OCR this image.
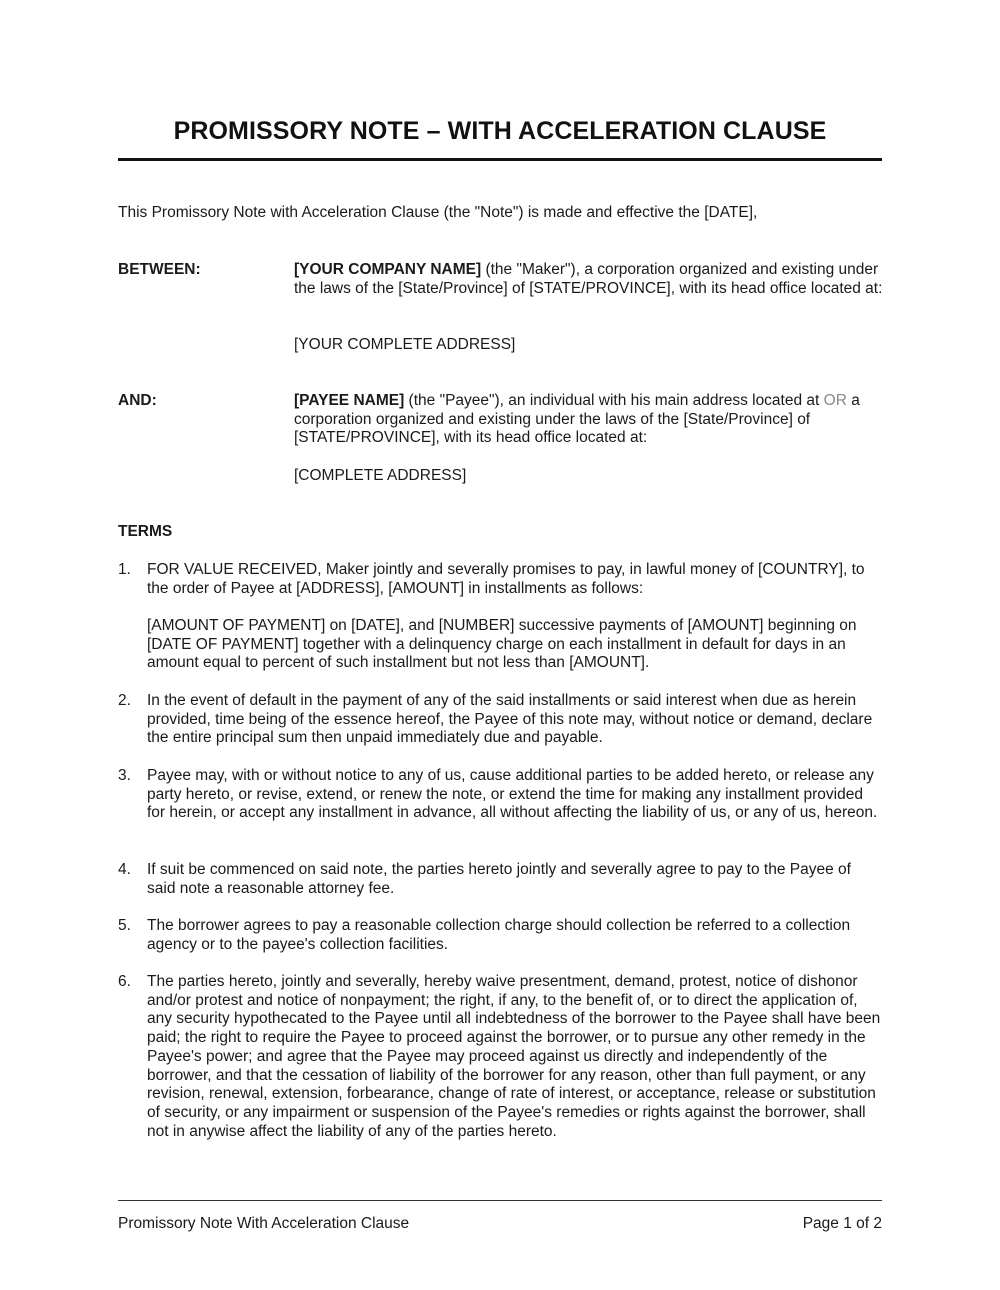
PROMISSORY NOTE – WITH ACCELERATION CLAUSE
This Promissory Note with Acceleration Clause (the "Note") is made and effective the [DATE],
BETWEEN:	[YOUR COMPANY NAME] (the "Maker"), a corporation organized and existing under the laws of the [State/Province] of [STATE/PROVINCE], with its head office located at:
[YOUR COMPLETE ADDRESS]
AND:	[PAYEE NAME] (the "Payee"), an individual with his main address located at OR a corporation organized and existing under the laws of the [State/Province] of [STATE/PROVINCE], with its head office located at:
[COMPLETE ADDRESS]
TERMS
1. FOR VALUE RECEIVED, Maker jointly and severally promises to pay, in lawful money of [COUNTRY], to the order of Payee at [ADDRESS], [AMOUNT] in installments as follows:
[AMOUNT OF PAYMENT] on [DATE], and [NUMBER] successive payments of [AMOUNT] beginning on [DATE OF PAYMENT] together with a delinquency charge on each installment in default for days in an amount equal to percent of such installment but not less than [AMOUNT].
2. In the event of default in the payment of any of the said installments or said interest when due as herein provided, time being of the essence hereof, the Payee of this note may, without notice or demand, declare the entire principal sum then unpaid immediately due and payable.
3. Payee may, with or without notice to any of us, cause additional parties to be added hereto, or release any party hereto, or revise, extend, or renew the note, or extend the time for making any installment provided for herein, or accept any installment in advance, all without affecting the liability of us, or any of us, hereon.
4. If suit be commenced on said note, the parties hereto jointly and severally agree to pay to the Payee of said note a reasonable attorney fee.
5. The borrower agrees to pay a reasonable collection charge should collection be referred to a collection agency or to the payee's collection facilities.
6. The parties hereto, jointly and severally, hereby waive presentment, demand, protest, notice of dishonor and/or protest and notice of nonpayment; the right, if any, to the benefit of, or to direct the application of, any security hypothecated to the Payee until all indebtedness of the borrower to the Payee shall have been paid; the right to require the Payee to proceed against the borrower, or to pursue any other remedy in the Payee's power; and agree that the Payee may proceed against us directly and independently of the borrower, and that the cessation of liability of the borrower for any reason, other than full payment, or any revision, renewal, extension, forbearance, change of rate of interest, or acceptance, release or substitution of security, or any impairment or suspension of the Payee's remedies or rights against the borrower, shall not in anywise affect the liability of any of the parties hereto.
Promissory Note With Acceleration Clause	Page 1 of 2
